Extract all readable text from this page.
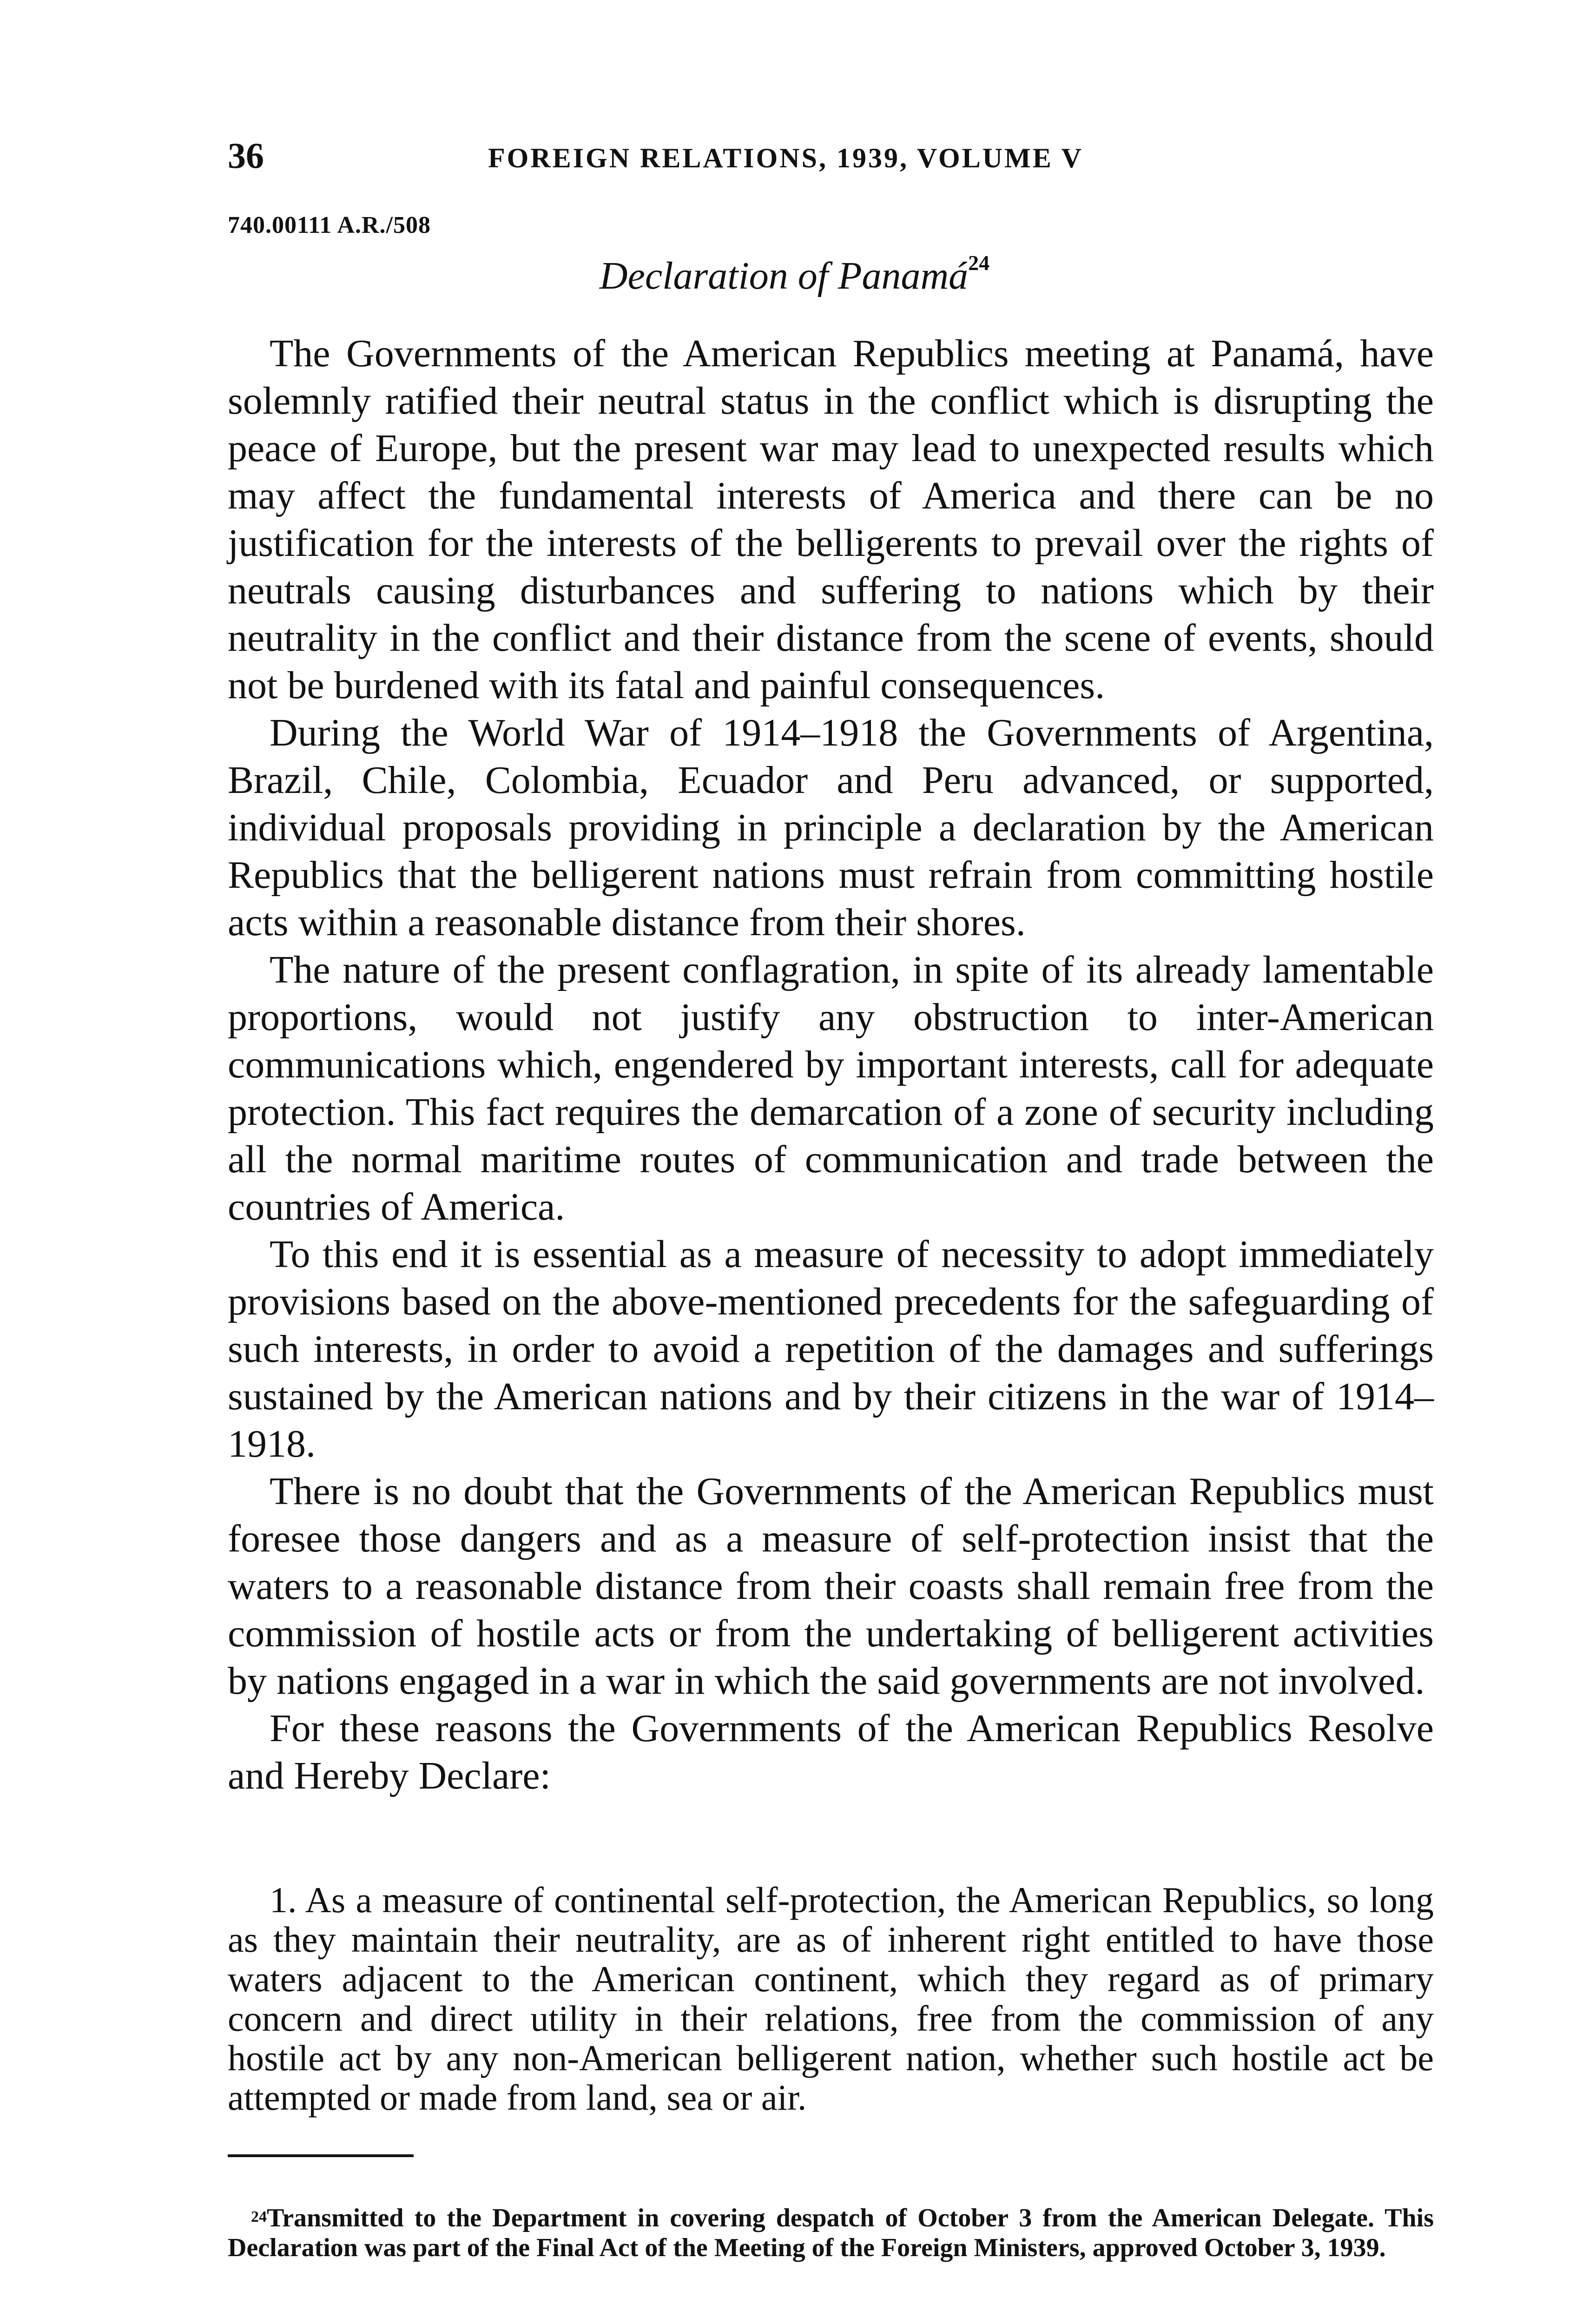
36	FOREIGN RELATIONS, 1939, VOLUME V
740.00111 A.R./508
Declaration of Panamá$^{24}$

The Governments of the American Republics meeting at Panamá, have solemnly ratified their neutral status in the conflict which is disrupting the peace of Europe, but the present war may lead to unexpected results which may affect the fundamental interests of America and there can be no justification for the interests of the belligerents to prevail over the rights of neutrals causing disturbances and suffering to nations which by their neutrality in the conflict and their distance from the scene of events, should not be burdened with its fatal and painful consequences.

During the World War of 1914–1918 the Governments of Argentina, Brazil, Chile, Colombia, Ecuador and Peru advanced, or supported, individual proposals providing in principle a declaration by the American Republics that the belligerent nations must refrain from committing hostile acts within a reasonable distance from their shores.

The nature of the present conflagration, in spite of its already lamentable proportions, would not justify any obstruction to inter-American communications which, engendered by important interests, call for adequate protection. This fact requires the demarcation of a zone of security including all the normal maritime routes of communication and trade between the countries of America.

To this end it is essential as a measure of necessity to adopt immediately provisions based on the above-mentioned precedents for the safeguarding of such interests, in order to avoid a repetition of the damages and sufferings sustained by the American nations and by their citizens in the war of 1914–1918.

There is no doubt that the Governments of the American Republics must foresee those dangers and as a measure of self-protection insist that the waters to a reasonable distance from their coasts shall remain free from the commission of hostile acts or from the undertaking of belligerent activities by nations engaged in a war in which the said governments are not involved.

For these reasons the Governments of the American Republics Resolve and Hereby Declare:

1. As a measure of continental self-protection, the American Republics, so long as they maintain their neutrality, are as of inherent right entitled to have those waters adjacent to the American continent, which they regard as of primary concern and direct utility in their relations, free from the commission of any hostile act by any non-American belligerent nation, whether such hostile act be attempted or made from land, sea or air.

$^{24}$Transmitted to the Department in covering despatch of October 3 from the American Delegate. This Declaration was part of the Final Act of the Meeting of the Foreign Ministers, approved October 3, 1939.
